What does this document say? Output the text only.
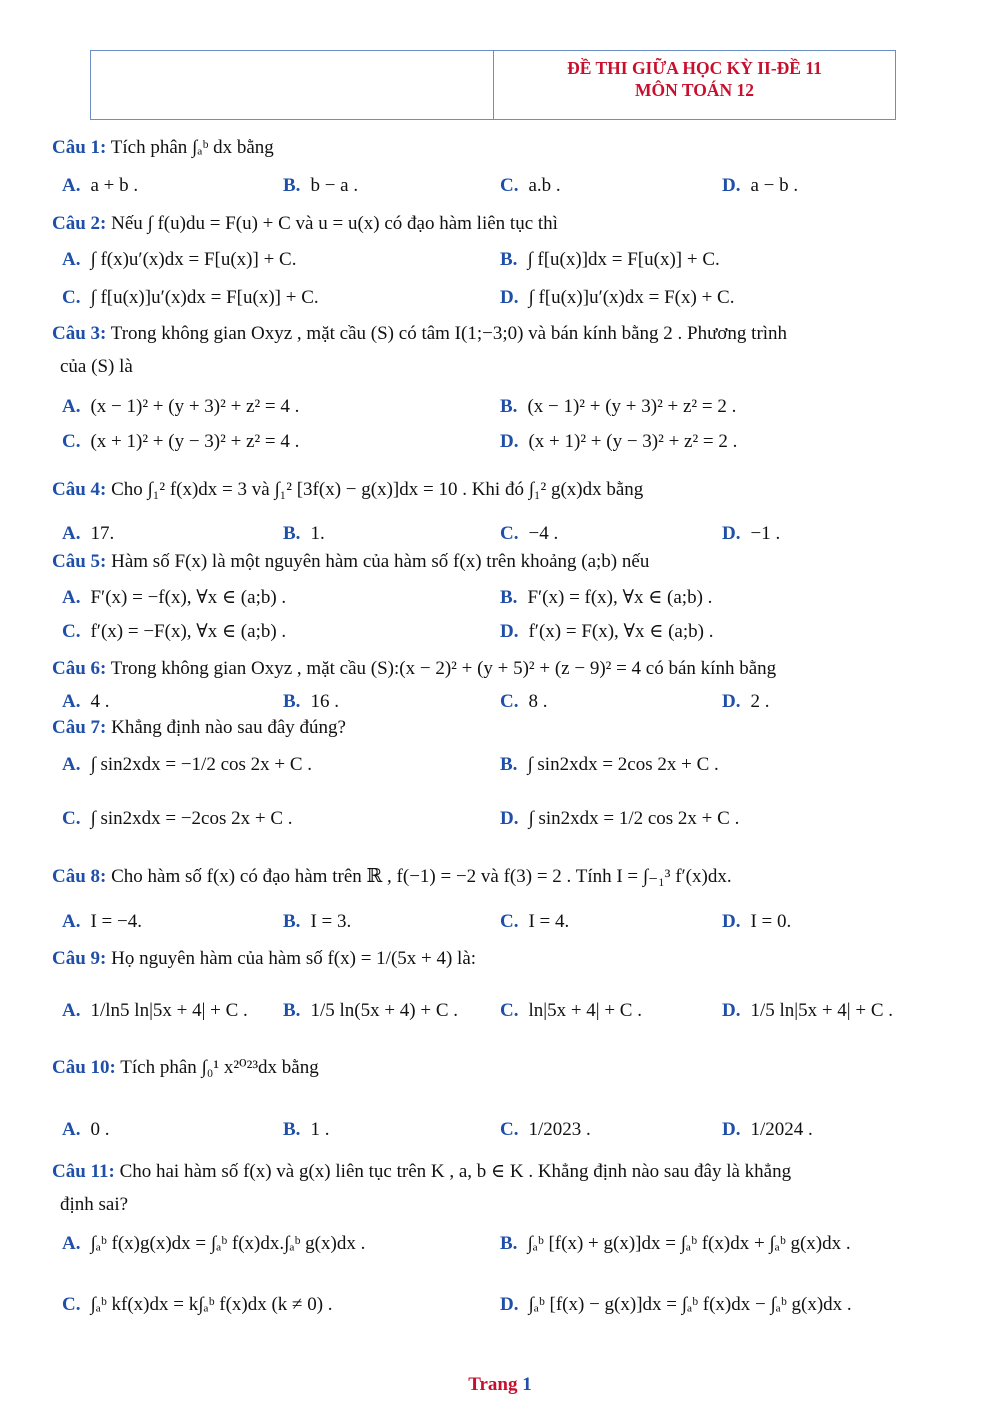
ĐỀ THI GIỮA HỌC KỲ II-ĐỀ 11
MÔN TOÁN 12
Câu 1: Tích phân ∫ₐᵇ dx bằng
A. a + b .	B. b − a .	C. a.b .	D. a − b .
Câu 2: Nếu ∫ f(u)du = F(u) + C và u = u(x) có đạo hàm liên tục thì
A. ∫ f(x)u′(x)dx = F[u(x)] + C.	B. ∫ f[u(x)]dx = F[u(x)] + C.
C. ∫ f[u(x)]u′(x)dx = F[u(x)] + C.	D. ∫ f[u(x)]u′(x)dx = F(x) + C.
Câu 3: Trong không gian Oxyz , mặt cầu (S) có tâm I(1;−3;0) và bán kính bằng 2 . Phương trình
của (S) là
A. (x − 1)² + (y + 3)² + z² = 4 .	B. (x − 1)² + (y + 3)² + z² = 2 .
C. (x + 1)² + (y − 3)² + z² = 4 .	D. (x + 1)² + (y − 3)² + z² = 2 .
Câu 4: Cho ∫₁² f(x)dx = 3 và ∫₁² [3f(x) − g(x)]dx = 10 . Khi đó ∫₁² g(x)dx bằng
A. 17.	B. 1.	C. −4 .	D. −1 .
Câu 5: Hàm số F(x) là một nguyên hàm của hàm số f(x) trên khoảng (a;b) nếu
A. F′(x) = −f(x), ∀x ∈ (a;b) .	B. F′(x) = f(x), ∀x ∈ (a;b) .
C. f′(x) = −F(x), ∀x ∈ (a;b) .	D. f′(x) = F(x), ∀x ∈ (a;b) .
Câu 6: Trong không gian Oxyz , mặt cầu (S):(x − 2)² + (y + 5)² + (z − 9)² = 4 có bán kính bằng
A. 4 .	B. 16 .	C. 8 .	D. 2 .
Câu 7: Khẳng định nào sau đây đúng?
A. ∫ sin2xdx = −1/2 cos 2x + C .	B. ∫ sin2xdx = 2cos 2x + C .
C. ∫ sin2xdx = −2cos 2x + C .	D. ∫ sin2xdx = 1/2 cos 2x + C .
Câu 8: Cho hàm số f(x) có đạo hàm trên ℝ , f(−1) = −2 và f(3) = 2 . Tính I = ∫₋₁³ f′(x)dx.
A. I = −4.	B. I = 3.	C. I = 4.	D. I = 0.
Câu 9: Họ nguyên hàm của hàm số f(x) = 1/(5x + 4) là:
A. 1/ln5 ln|5x + 4| + C . B. 1/5 ln(5x + 4) + C . C. ln|5x + 4| + C .	D. 1/5 ln|5x + 4| + C .
Câu 10: Tích phân ∫₀¹ x²⁰²³dx bằng
A. 0 .	B. 1 .	C. 1/2023 .	D. 1/2024 .
Câu 11: Cho hai hàm số f(x) và g(x) liên tục trên K , a, b ∈ K . Khẳng định nào sau đây là khẳng
định sai?
A. ∫ₐᵇ f(x)g(x)dx = ∫ₐᵇ f(x)dx.∫ₐᵇ g(x)dx .	B. ∫ₐᵇ [f(x) + g(x)]dx = ∫ₐᵇ f(x)dx + ∫ₐᵇ g(x)dx .
C. ∫ₐᵇ kf(x)dx = k∫ₐᵇ f(x)dx (k ≠ 0) .	D. ∫ₐᵇ [f(x) − g(x)]dx = ∫ₐᵇ f(x)dx − ∫ₐᵇ g(x)dx .
Trang 1
